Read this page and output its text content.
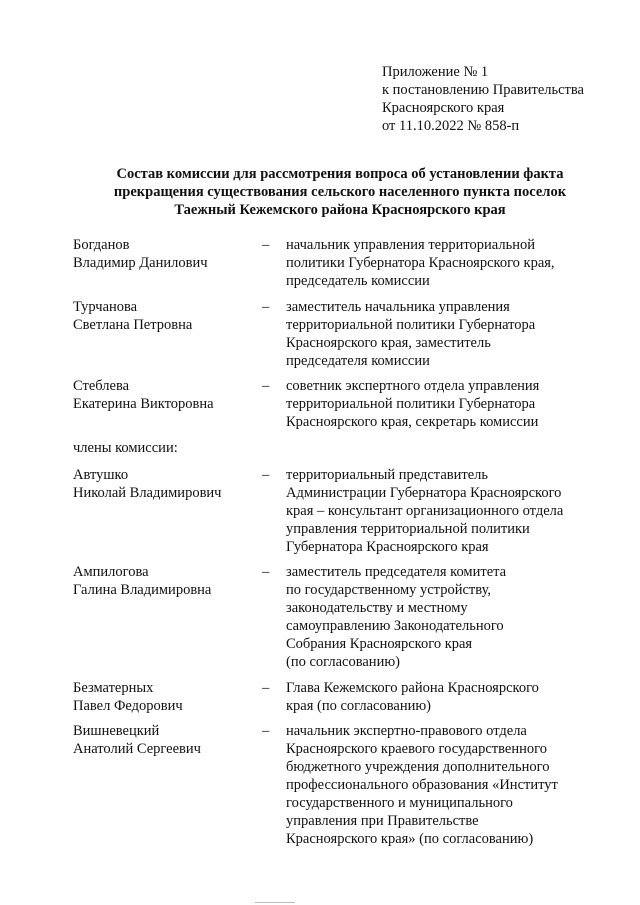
Приложение № 1
к постановлению Правительства
Красноярского края
от 11.10.2022 № 858-п
Состав комиссии для рассмотрения вопроса об установлении факта
прекращения существования сельского населенного пункта поселок
Таежный Кежемского района Красноярского края
Богданов
Владимир Данилович
– начальник управления территориальной
политики Губернатора Красноярского края,
председатель комиссии
Турчанова
Светлана Петровна
– заместитель начальника управления
территориальной политики Губернатора
Красноярского края, заместитель
председателя комиссии
Стеблева
Екатерина Викторовна
– советник экспертного отдела управления
территориальной политики Губернатора
Красноярского края, секретарь комиссии
члены комиссии:
Автушко
Николай Владимирович
– территориальный представитель
Администрации Губернатора Красноярского
края – консультант организационного отдела
управления территориальной политики
Губернатора Красноярского края
Ампилогова
Галина Владимировна
– заместитель председателя комитета
по государственному устройству,
законодательству и местному
самоуправлению Законодательного
Собрания Красноярского края
(по согласованию)
Безматерных
Павел Федорович
– Глава Кежемского района Красноярского
края (по согласованию)
Вишневецкий
Анатолий Сергеевич
– начальник экспертно-правового отдела
Красноярского краевого государственного
бюджетного учреждения дополнительного
профессионального образования «Институт
государственного и муниципального
управления при Правительстве
Красноярского края» (по согласованию)
